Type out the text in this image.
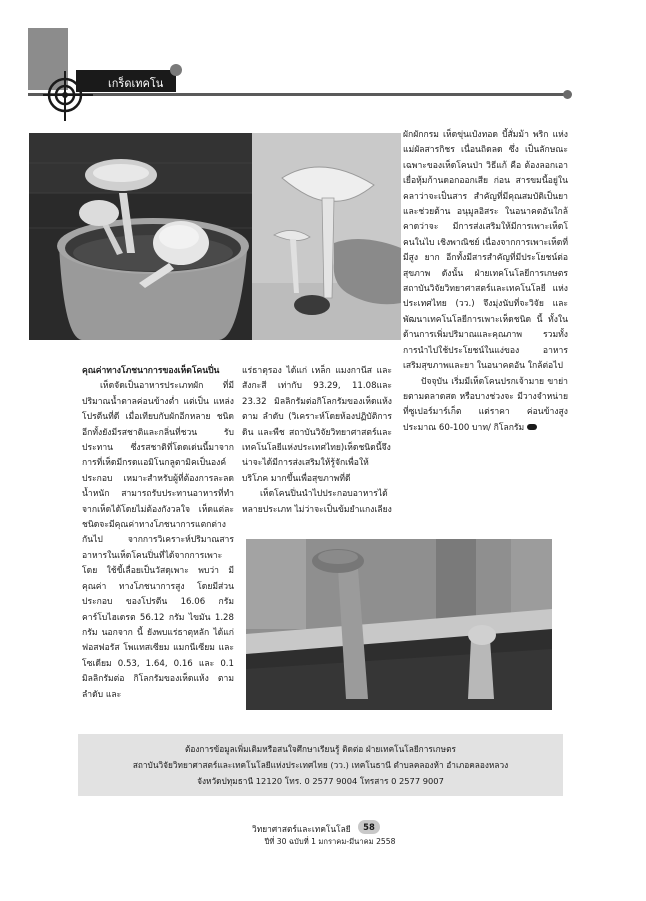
เกร็ดเทคโน

ผักผักกรม เห็ดขุ่นเป๋งทอด บี้สั่มม้า พริก แห่งแม่ผัลสารกิชร เนื่อนถิดลด ซึ่ง เป็นลักษณะเฉพาะของเห็ดโคนป่า วิธีแก้ คือ ต้องลอกเอาเยื่อหุ้มก้านดอกออกเสีย ก่อน สารขมนี้อยู่ในคลาว่าจะเป็นสาร สำคัญที่มีคุณสมบัติเป็นยา และช่วยต้าน อนุมูลอิสระ ในอนาคตอันใกล้คาดว่าจะ มีการส่งเสริมให้มีการเพาะเห็ดโคนในไบ เชิงพาณิชย์ เนื่องจากการเพาะเห็ดที่มีสูง ยาก อีกทั้งมีสารสำคัญที่มีประโยชน์ต่อ สุขภาพ ดังนั้น ฝ่ายเทคโนโลยีการเกษตร สถาบันวิจัยวิทยาศาสตร์และเทคโนโลยี แห่งประเทศไทย (วว.) จึงมุ่งนับที่จะวิจัย และพัฒนาเทคโนโลยีการเพาะเห็ดชนิด นี้ ทั้งในด้านการเพิ่มปริมาณและคุณภาพ รวมทั้งการนำไปใช้ประโยชน์ในแง่ของ อาหารเสริมสุขภาพและยา ในอนาคตอัน ใกล้ต่อไป

ปัจจุบัน เริ่มมีเห็ดโคนปรกเจ้ามาย ขาย่ายตามตลาดสด หรือบางช่วงจะ มีวางจำหน่ายที่ซูเปอร์มาร์เก็ต แต่ราคา ค่อนข้างสูง ประมาณ 60-100 บาท/ กิโลกรัม

คุณค่าทางโภชนาการของเห็ดโคนปิ่น

เห็ดจัดเป็นอาหารประเภทผัก ที่มีปริมาณน้ำตาลค่อนข้างต่ำ แต่เป็น แหล่งโปรตีนที่ดี เมื่อเทียบกับผักอีกหลาย ชนิด อีกทั้งยังมีรสชาติและกลิ่นที่ชวน รับประทาน ซึ่งรสชาติที่โดดเด่นนี้มาจาก การที่เห็ดมีกรดแอมิโนกลูตามิคเป็นองค์ ประกอบ เหมาะสำหรับผู้ที่ต้องการละลด น้ำหนัก สามารถรับประทานอาหารที่ทำ จากเห็ดได้โดยไม่ต้องกังวลใจ เห็ดแต่ละ ชนิดจะมีคุณค่าทางโภชนาการแตกต่าง กันไป จากการวิเคราะห์ปริมาณสาร อาหารในเห็ดโคนปิ่นที่ได้จากการเพาะโดย ใช้ขี้เลื่อยเป็นวัสดุเพาะ พบว่า มีคุณค่า ทางโภชนาการสูง โดยมีส่วนประกอบ ของโปรตีน 16.06 กรัม คาร์โบไฮเดรต 56.12 กรัม ไขมัน 1.28 กรัม นอกจาก นี้ ยังพบแร่ธาตุหลัก ได้แก่ ฟอสฟอรัส โพแทสเซียม แมกนีเซียม และโซเดียม 0.53, 1.64, 0.16 และ 0.1 มิลลิกรัมต่อ กิโลกรัมของเห็ดแห้ง ตามลำดับ และ

แร่ธาตุรอง ได้แก่ เหล็ก แมงกานีส และ สังกะสี เท่ากับ 93.29, 11.08และ 23.32 มิลลิกรัมต่อกิโลกรัมของเห็ดแห้ง ตาม ลำดับ (วิเคราะห์โดยห้องปฏิบัติการดิน และพืช สถาบันวิจัยวิทยาศาสตร์และ เทคโนโลยีแห่งประเทศไทย)เห็ดชนิดนี้จึง น่าจะได้มีการส่งเสริมให้รู้จักเพื่อให้บริโภค มากขึ้นเพื่อสุขภาพที่ดี

เห็ดโคนปิ่นนำไปประกอบอาหารได้ หลายประเภท ไม่ว่าจะเป็นข้มยำแกงเลียง

ต้องการข้อมูลเพิ่มเติมหรือสนใจศึกษาเรียนรู้ ติดต่อ ฝ่ายเทคโนโลยีการเกษตร
สถาบันวิจัยวิทยาศาสตร์และเทคโนโลยีแห่งประเทศไทย (วว.) เทคโนธานี ตำบลคลองห้า อำเภอคลองหลวง
จังหวัดปทุมธานี 12120 โทร. 0 2577 9004 โทรสาร 0 2577 9007
วิทยาศาสตร์และเทคโนโลยี	58
ปีที่ 30 ฉบับที่ 1 มกราคม-มีนาคม 2558
